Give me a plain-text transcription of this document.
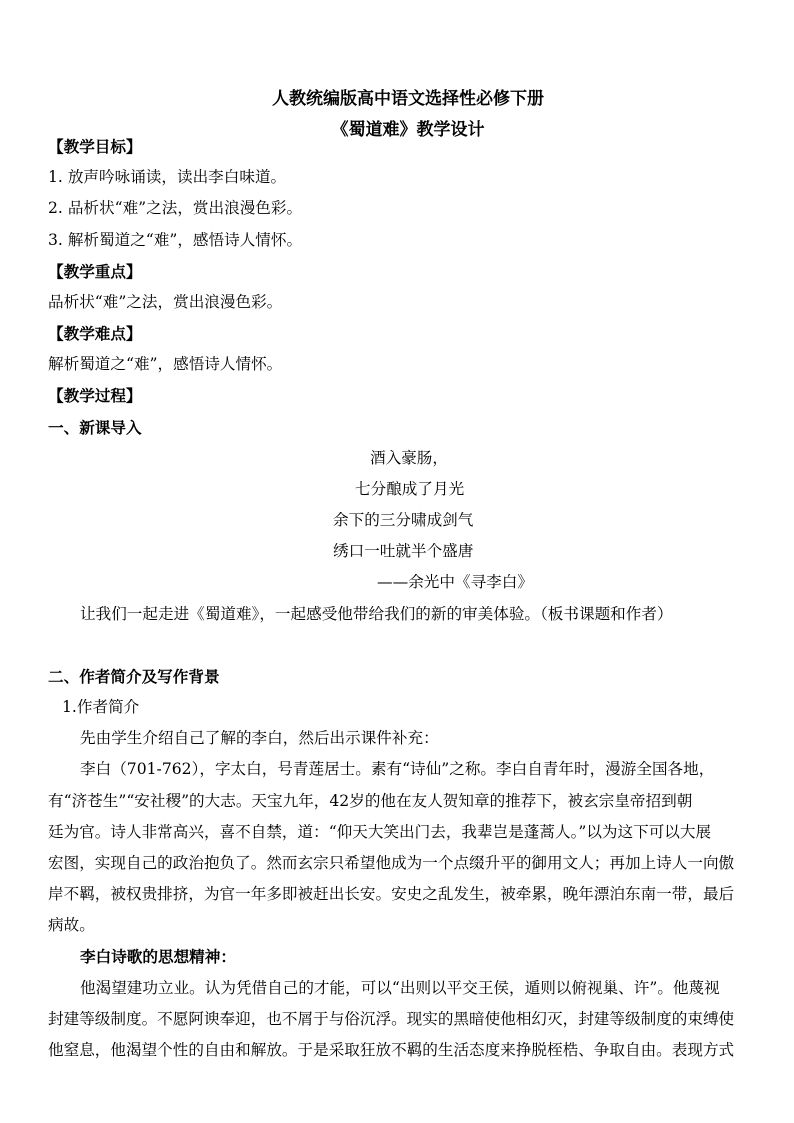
人教统编版高中语文选择性必修下册
《蜀道难》教学设计
【教学目标】
1. 放声吟咏诵读，读出李白味道。
2. 品析状“难”之法，赏出浪漫色彩。
3. 解析蜀道之“难”，感悟诗人情怀。
【教学重点】
品析状“难”之法，赏出浪漫色彩。
【教学难点】
解析蜀道之“难”，感悟诗人情怀。
【教学过程】
一、新课导入
酒入豪肠，
七分酿成了月光
余下的三分啸成剑气
绣口一吐就半个盛唐
——余光中《寻李白》
让我们一起走进《蜀道难》，一起感受他带给我们的新的审美体验。（板书课题和作者）
二、作者简介及写作背景
1.作者简介
先由学生介绍自己了解的李白，然后出示课件补充：
李白（701-762），字太白，号青莲居士。素有“诗仙”之称。李白自青年时，漫游全国各地，
有“济苍生”“安社稷”的大志。天宝九年，42岁的他在友人贺知章的推荐下，被玄宗皇帝招到朝
廷为官。诗人非常高兴，喜不自禁，道：“仰天大笑出门去，我辈岂是蓬蒿人。”以为这下可以大展
宏图，实现自己的政治抱负了。然而玄宗只希望他成为一个点缀升平的御用文人；再加上诗人一向傲
岸不羁，被权贵排挤，为官一年多即被赶出长安。安史之乱发生，被牵累，晚年漂泊东南一带，最后
病故。
李白诗歌的思想精神：
他渴望建功立业。认为凭借自己的才能，可以“出则以平交王侯，遁则以俯视巢、许”。他蔑视
封建等级制度。不愿阿谀奉迎，也不屑于与俗沉浮。现实的黑暗使他相幻灭，封建等级制度的束缚使
他窒息，他渴望个性的自由和解放。于是采取狂放不羁的生活态度来挣脱桎梏、争取自由。表现方式
